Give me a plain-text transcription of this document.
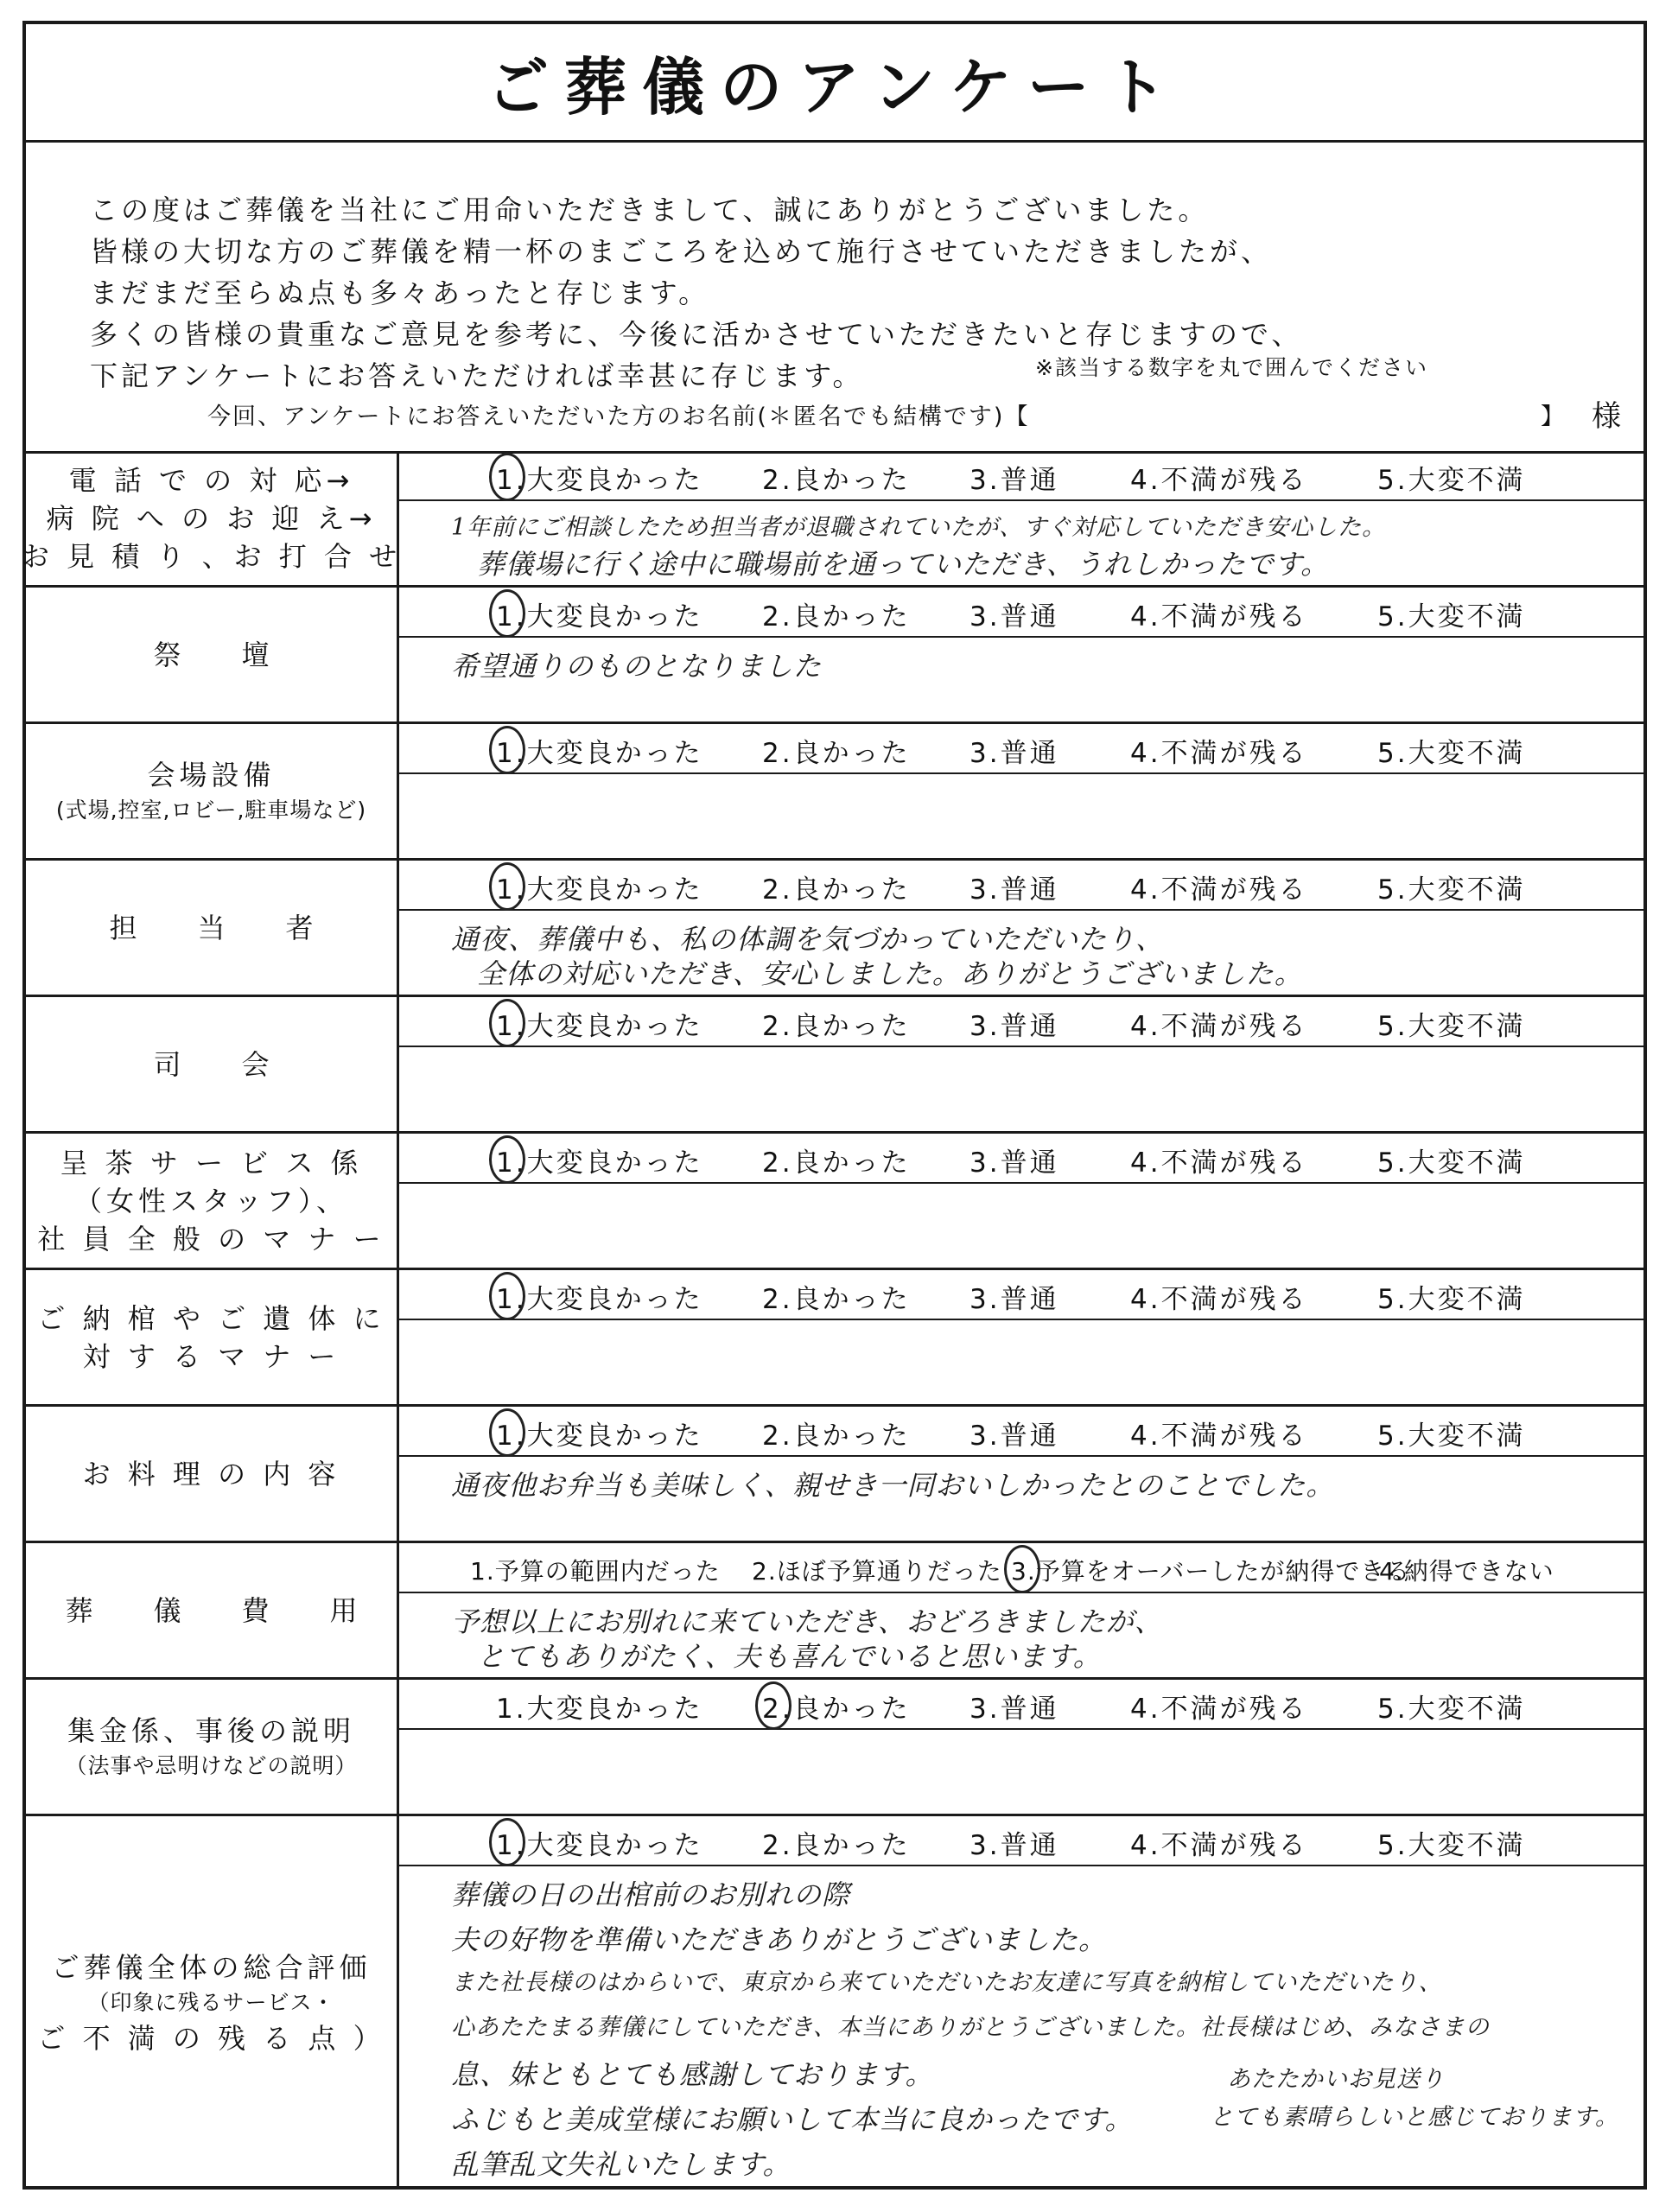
ご葬儀のアンケート
この度はご葬儀を当社にご用命いただきまして、誠にありがとうございました。
皆様の大切な方のご葬儀を精一杯のまごころを込めて施行させていただきましたが、
まだまだ至らぬ点も多々あったと存じます。
多くの皆様の貴重なご意見を参考に、今後に活かさせていただきたいと存じますので、
下記アンケートにお答えいただければ幸甚に存じます。	※該当する数字を丸で囲んでください
今回、アンケートにお答えいただいた方のお名前(＊匿名でも結構です)【	】 様
電 話 で の 対 応→
病 院 へ の お 迎 え→
お 見 積 り 、お 打 合 せ
1.大変良かった 2.良かった 3.普通	4.不満が残る	5.大変不満
1年前にご相談したため担当者が退職されていたが、すぐ対応していただき安心した。
葬儀場に行く途中に職場前を通っていただき、うれしかったです。
祭壇
1.大変良かった 2.良かった 3.普通	4.不満が残る	5.大変不満
希望通りのものとなりました
会場設備
(式場,控室,ロビー,駐車場など)
1.大変良かった 2.良かった 3.普通	4.不満が残る	5.大変不満
担当者
1.大変良かった 2.良かった 3.普通	4.不満が残る	5.大変不満
通夜、葬儀中も、私の体調を気づかっていただいたり、
全体の対応いただき、安心しました。ありがとうございました。
司会
1.大変良かった 2.良かった 3.普通	4.不満が残る	5.大変不満
呈 茶 サ ー ビ ス 係
（女性スタッフ）、
社 員 全 般 の マ ナ ー
1.大変良かった 2.良かった 3.普通	4.不満が残る	5.大変不満
ご 納 棺 や ご 遺 体 に
対 す る マ ナ ー
1.大変良かった 2.良かった 3.普通	4.不満が残る	5.大変不満
お 料 理 の 内 容
1.大変良かった 2.良かった 3.普通	4.不満が残る	5.大変不満
通夜他お弁当も美味しく、親せき一同おいしかったとのことでした。
葬儀費用
1.予算の範囲内だった 2.ほぼ予算通りだった 3.予算をオーバーしたが納得できる
4.納得できない
予想以上にお別れに来ていただき、おどろきましたが、
とてもありがたく、夫も喜んでいると思います。
集金係、事後の説明
（法事や忌明けなどの説明）
1.大変良かった 2.良かった 3.普通	4.不満が残る	5.大変不満
ご葬儀全体の総合評価
（印象に残るサービス・
ご 不 満 の 残 る 点 ）
1.大変良かった 2.良かった 3.普通	4.不満が残る	5.大変不満
葬儀の日の出棺前のお別れの際
夫の好物を準備いただきありがとうございました。
また社長様のはからいで、東京から来ていただいたお友達に写真を納棺していただいたり、
心あたたまる葬儀にしていただき、本当にありがとうございました。社長様はじめ、みなさまの
息、妹ともとても感謝しております。
ふじもと美成堂様にお願いして本当に良かったです。
乱筆乱文失礼いたします。
あたたかいお見送り
とても素晴らしいと感じております。
